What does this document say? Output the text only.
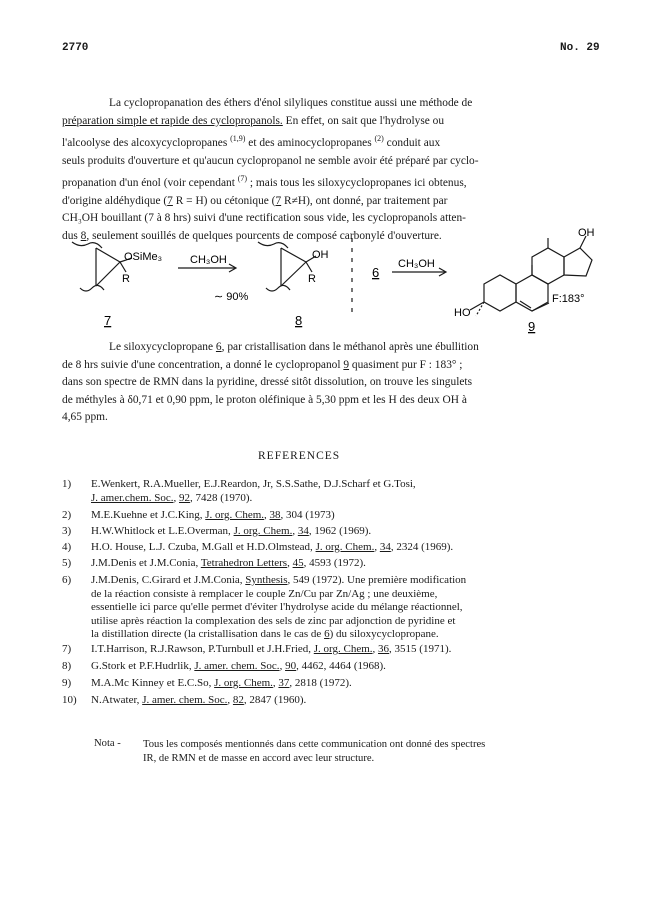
2770	No. 29
La cyclopropanation des éthers d'énol silyliques constitue aussi une méthode de
préparation simple et rapide des cyclopropanols. En effet, on sait que l'hydrolyse ou
l'alcoolyse des alcoxycyclopropanes $^{(1,9)}$ et des aminocyclopropanes $^{(2)}$ conduit aux
seuls produits d'ouverture et qu'aucun cyclopropanol ne semble avoir été préparé par cyclo-
propanation d'un énol (voir cependant $^{(7)}$ ; mais tous les siloxycyclopropanes ici obtenus,
d'origine aldéhydique (7 R = H) ou cétonique (7 R≠H), ont donné, par traitement par
CH₃OH bouillant (7 à 8 hrs) suivi d'une rectification sous vide, les cyclopropanols atten-
dus 8, seulement souillés de quelques pourcents de composé carbonylé d'ouverture.
OSiMe₃
R
CH₃OH
∼ 90%
OH
R
7	8
6
CH₃OH
OH
HO
F:183°
9
Le siloxycyclopropane 6, par cristallisation dans le méthanol après une ébullition
de 8 hrs suivie d'une concentration, a donné le cyclopropanol 9 quasiment pur F : 183° ;
dans son spectre de RMN dans la pyridine, dressé sitôt dissolution, on trouve les singulets
de méthyles à δ0,71 et 0,90 ppm, le proton oléfinique à 5,30 ppm et les H des deux OH à
4,65 ppm.
REFERENCES
1) E.Wenkert, R.A.Mueller, E.J.Reardon, Jr, S.S.Sathe, D.J.Scharf et G.Tosi,
J. amer.chem. Soc., 92, 7428 (1970).
2) M.E.Kuehne et J.C.King, J. org. Chem., 38, 304 (1973)
3) H.W.Whitlock et L.E.Overman, J. org. Chem., 34, 1962 (1969).
4) H.O. House, L.J. Czuba, M.Gall et H.D.Olmstead, J. org. Chem., 34, 2324 (1969).
5) J.M.Denis et J.M.Conia, Tetrahedron Letters, 45, 4593 (1972).
6) J.M.Denis, C.Girard et J.M.Conia, Synthesis, 549 (1972). Une première modification
de la réaction consiste à remplacer le couple Zn/Cu par Zn/Ag ; une deuxième,
essentielle ici parce qu'elle permet d'éviter l'hydrolyse acide du mélange réactionnel,
utilise après réaction la complexation des sels de zinc par adjonction de pyridine et
la distillation directe (la cristallisation dans le cas de 6) du siloxycyclopropane.
7) I.T.Harrison, R.J.Rawson, P.Turnbull et J.H.Fried, J. org. Chem., 36, 3515 (1971).
8) G.Stork et P.F.Hudrlik, J. amer. chem. Soc., 90, 4462, 4464 (1968).
9) M.A.Mc Kinney et E.C.So, J. org. Chem., 37, 2818 (1972).
10) N.Atwater, J. amer. chem. Soc., 82, 2847 (1960).
Nota - Tous les composés mentionnés dans cette communication ont donné des spectres
IR, de RMN et de masse en accord avec leur structure.
